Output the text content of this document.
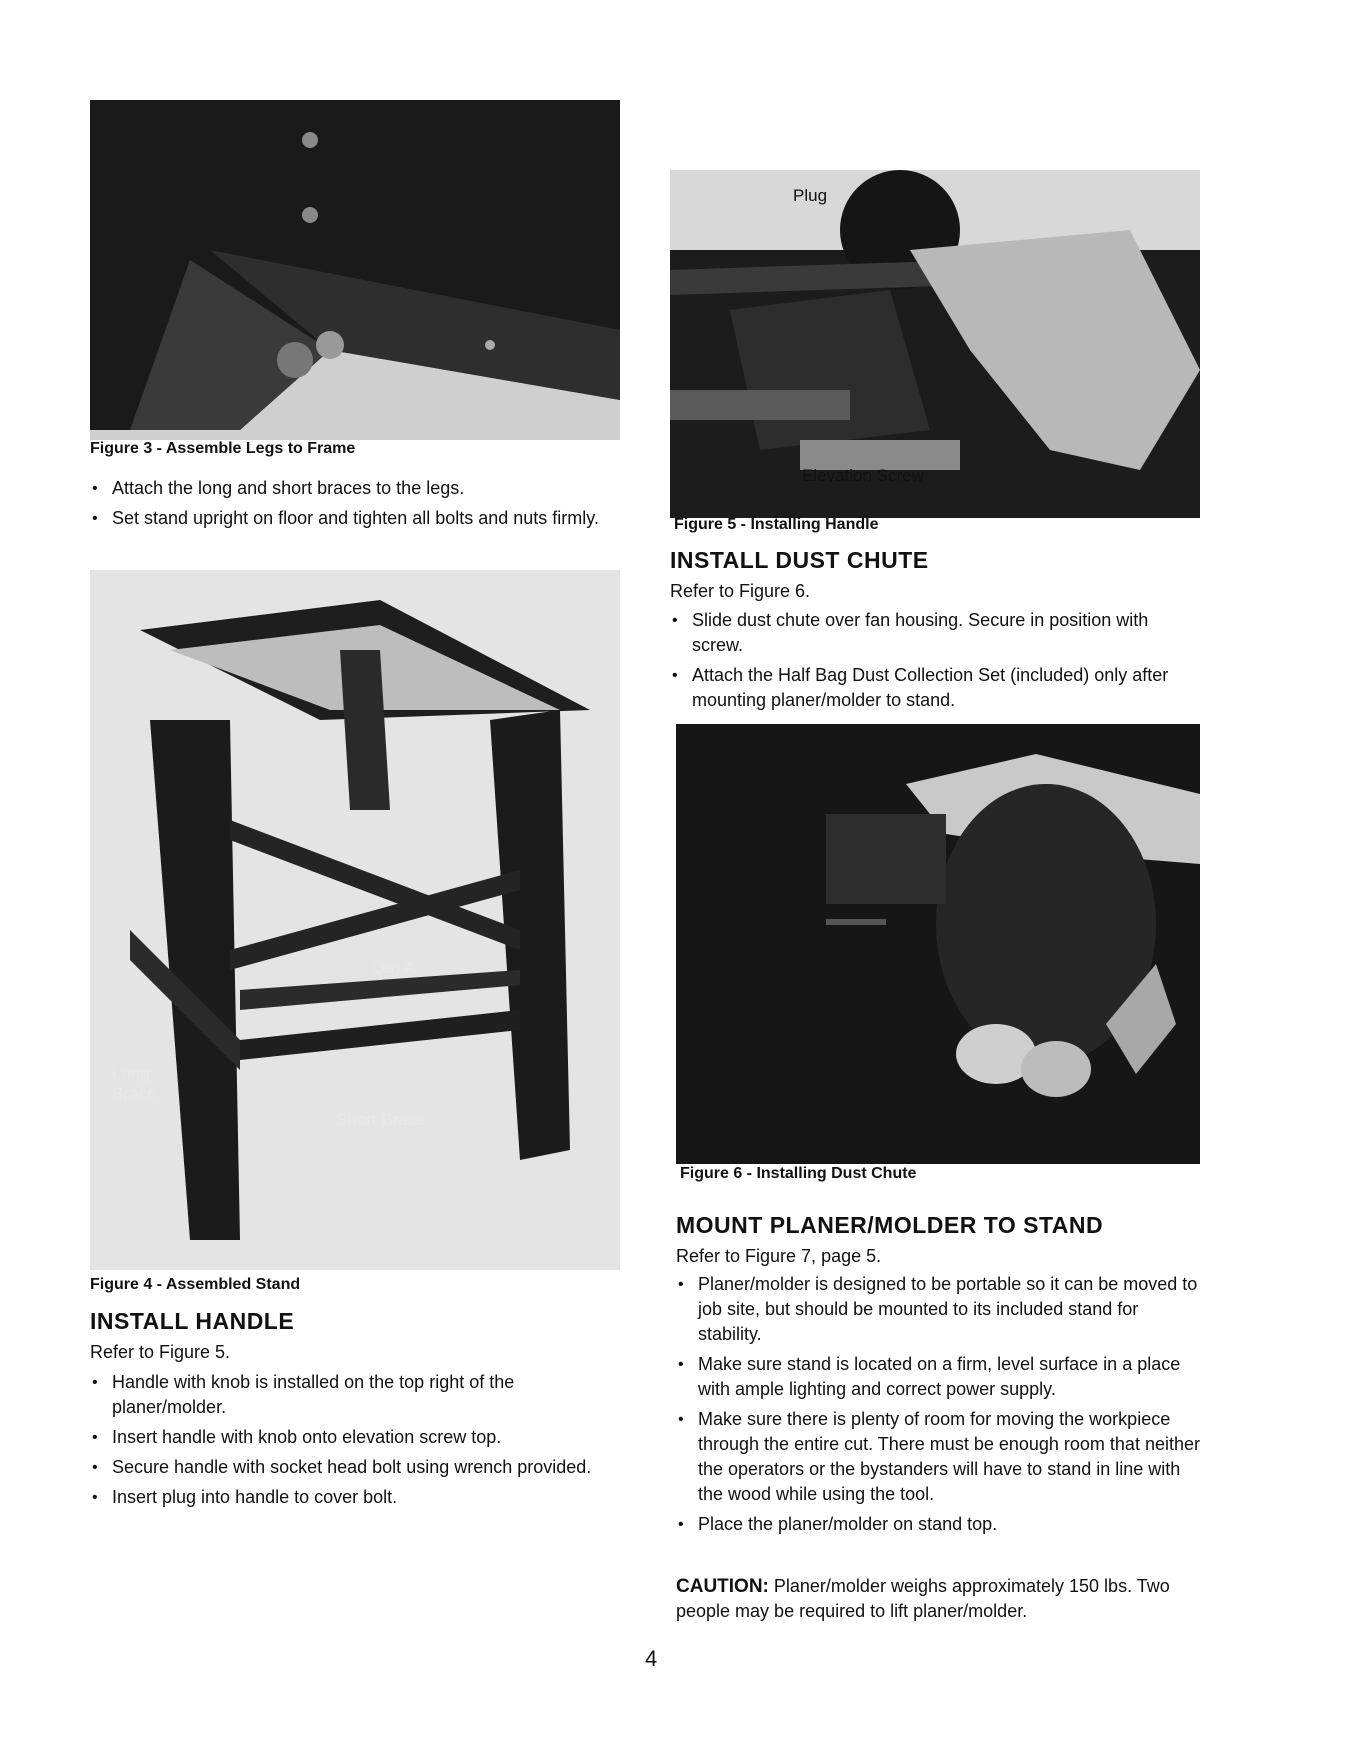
Figure 3 - Assemble Legs to Frame
• Attach the long and short braces to the legs.
• Set stand upright on floor and tighten all bolts and nuts firmly.
Leg A
Long Brace
Short Brace
Figure 4 - Assembled Stand
INSTALL HANDLE
Refer to Figure 5.
• Handle with knob is installed on the top right of the planer/molder.
• Insert handle with knob onto elevation screw top.
• Secure handle with socket head bolt using wrench provided.
• Insert plug into handle to cover bolt.
Plug
Elevation Screw
Figure 5 - Installing Handle
INSTALL DUST CHUTE
Refer to Figure 6.
• Slide dust chute over fan housing. Secure in position with screw.
• Attach the Half Bag Dust Collection Set (included) only after mounting planer/molder to stand.
Figure 6 - Installing Dust Chute
MOUNT PLANER/MOLDER TO STAND
Refer to Figure 7, page 5.
• Planer/molder is designed to be portable so it can be moved to job site, but should be mounted to its included stand for stability.
• Make sure stand is located on a firm, level surface in a place with ample lighting and correct power supply.
• Make sure there is plenty of room for moving the workpiece through the entire cut. There must be enough room that neither the operators or the bystanders will have to stand in line with the wood while using the tool.
• Place the planer/molder on stand top.
CAUTION: Planer/molder weighs approximately 150 lbs. Two people may be required to lift planer/molder.
4
